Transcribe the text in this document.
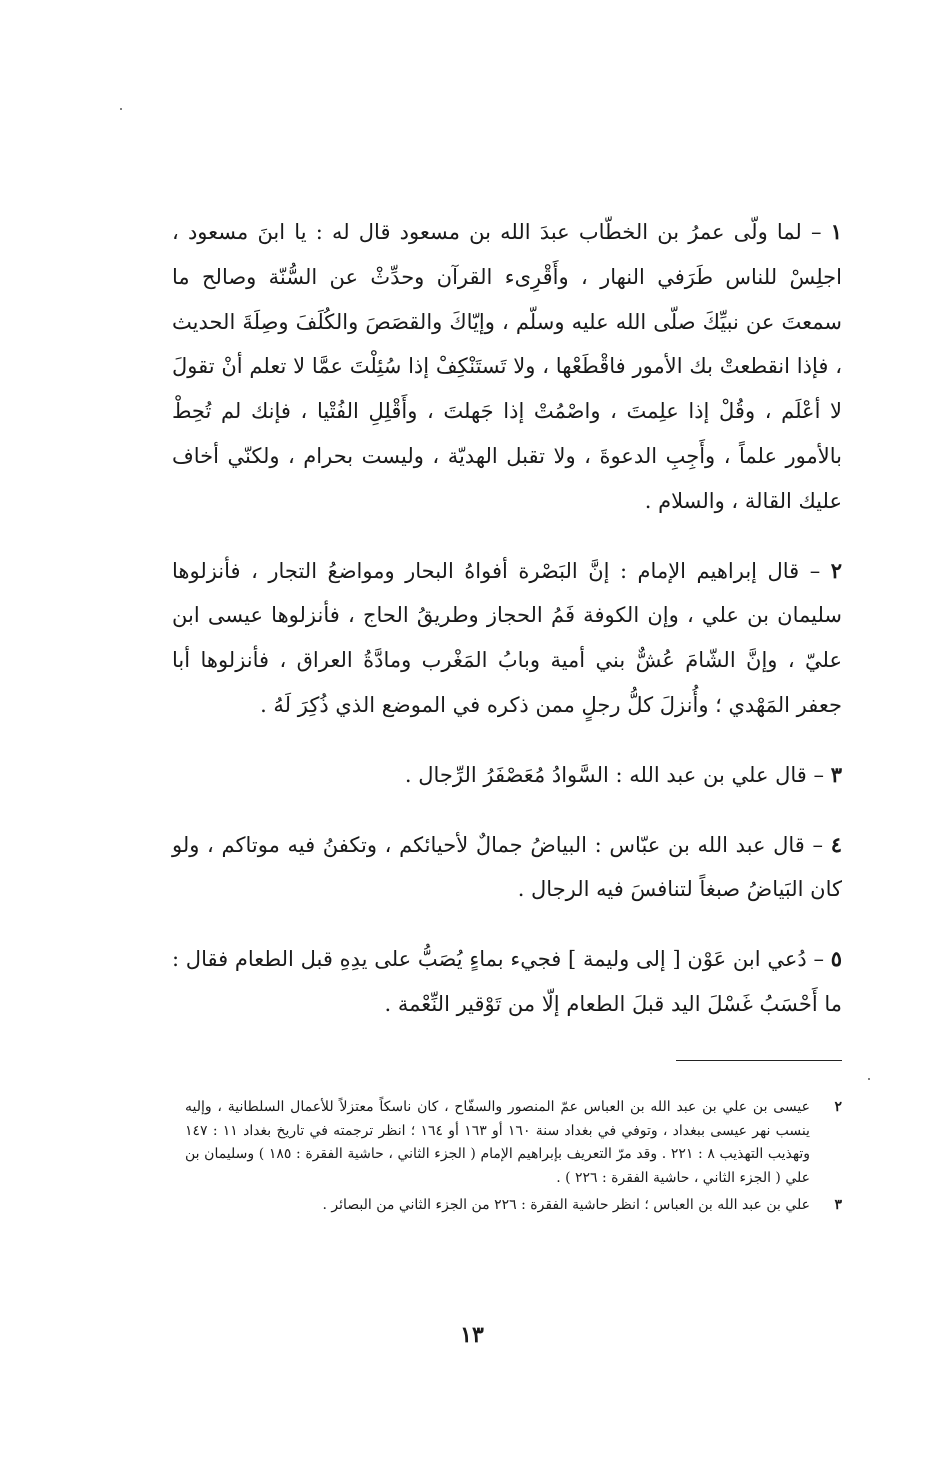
١ – لما ولّى عمرُ بن الخطّاب عبدَ الله بن مسعود قال له : يا ابنَ مسعود ، اجلِسْ للناس طَرَفي النهار ، وأَقْرِىء القرآن وحدِّثْ عن السُّنّة وصالح ما سمعتَ عن نبيِّكَ صلّى الله عليه وسلّم ، وإيّاكَ والقصَصَ والكُلَفَ وصِلَةَ الحديث ، فإذا انقطعتْ بك الأمور فاقْطَعْها ، ولا تَستَنْكِفْ إذا سُئِلْتَ عمَّا لا تعلم أنْ تقولَ لا أعْلَم ، وقُلْ إذا علِمتَ ، واصْمُتْ إذا جَهلتَ ، وأَقْلِلِ الفُتْيا ، فإنك لم تُحِطْ بالأمور علماً ، وأَجِبِ الدعوةَ ، ولا تقبل الهديّة ، وليست بحرام ، ولكنّي أخاف عليك القالة ، والسلام .

٢ – قال إبراهيم الإمام : إنَّ البَصْرة أفواهُ البحار ومواضعُ التجار ، فأنزلوها سليمان بن علي ، وإن الكوفة فَمُ الحجاز وطريقُ الحاج ، فأنزلوها عيسى ابن عليّ ، وإنَّ الشّامَ عُشٌّ بني أمية وبابُ المَغْرب ومادَّةُ العراق ، فأنزلوها أبا جعفر المَهْدي ؛ وأُنزلَ كلُّ رجلٍ ممن ذكره في الموضع الذي ذُكِرَ لَهُ .

٣ – قال علي بن عبد الله : السَّوادُ مُعَصْفَرُ الرِّجال .

٤ – قال عبد الله بن عبّاس : البياضُ جمالٌ لأحيائكم ، وتكفنُ فيه موتاكم ، ولو كان البَياضُ صبغاً لتنافسَ فيه الرجال .

٥ – دُعي ابن عَوْن [ إلى وليمة ] فجيء بماءٍ يُصَبُّ على يدِهِ قبل الطعام فقال : ما أَحْسَبُ غَسْلَ اليد قبلَ الطعام إلّا من تَوْقير النِّعْمة .

٢
عيسى بن علي بن عبد الله بن العباس عمّ المنصور والسفّاح ، كان ناسكاً معتزلاً للأعمال السلطانية ، وإليه ينسب نهر عيسى ببغداد ، وتوفي في بغداد سنة ١٦٠ أو ١٦٣ أو ١٦٤ ؛ انظر ترجمته في تاريخ بغداد ١١ : ١٤٧ وتهذيب التهذيب ٨ : ٢٢١ . وقد مرّ التعريف بإبراهيم الإمام ( الجزء الثاني ، حاشية الفقرة : ١٨٥ ) وسليمان بن علي ( الجزء الثاني ، حاشية الفقرة : ٢٢٦ ) .
٣
علي بن عبد الله بن العباس ؛ انظر حاشية الفقرة : ٢٢٦ من الجزء الثاني من البصائر .
١٣
